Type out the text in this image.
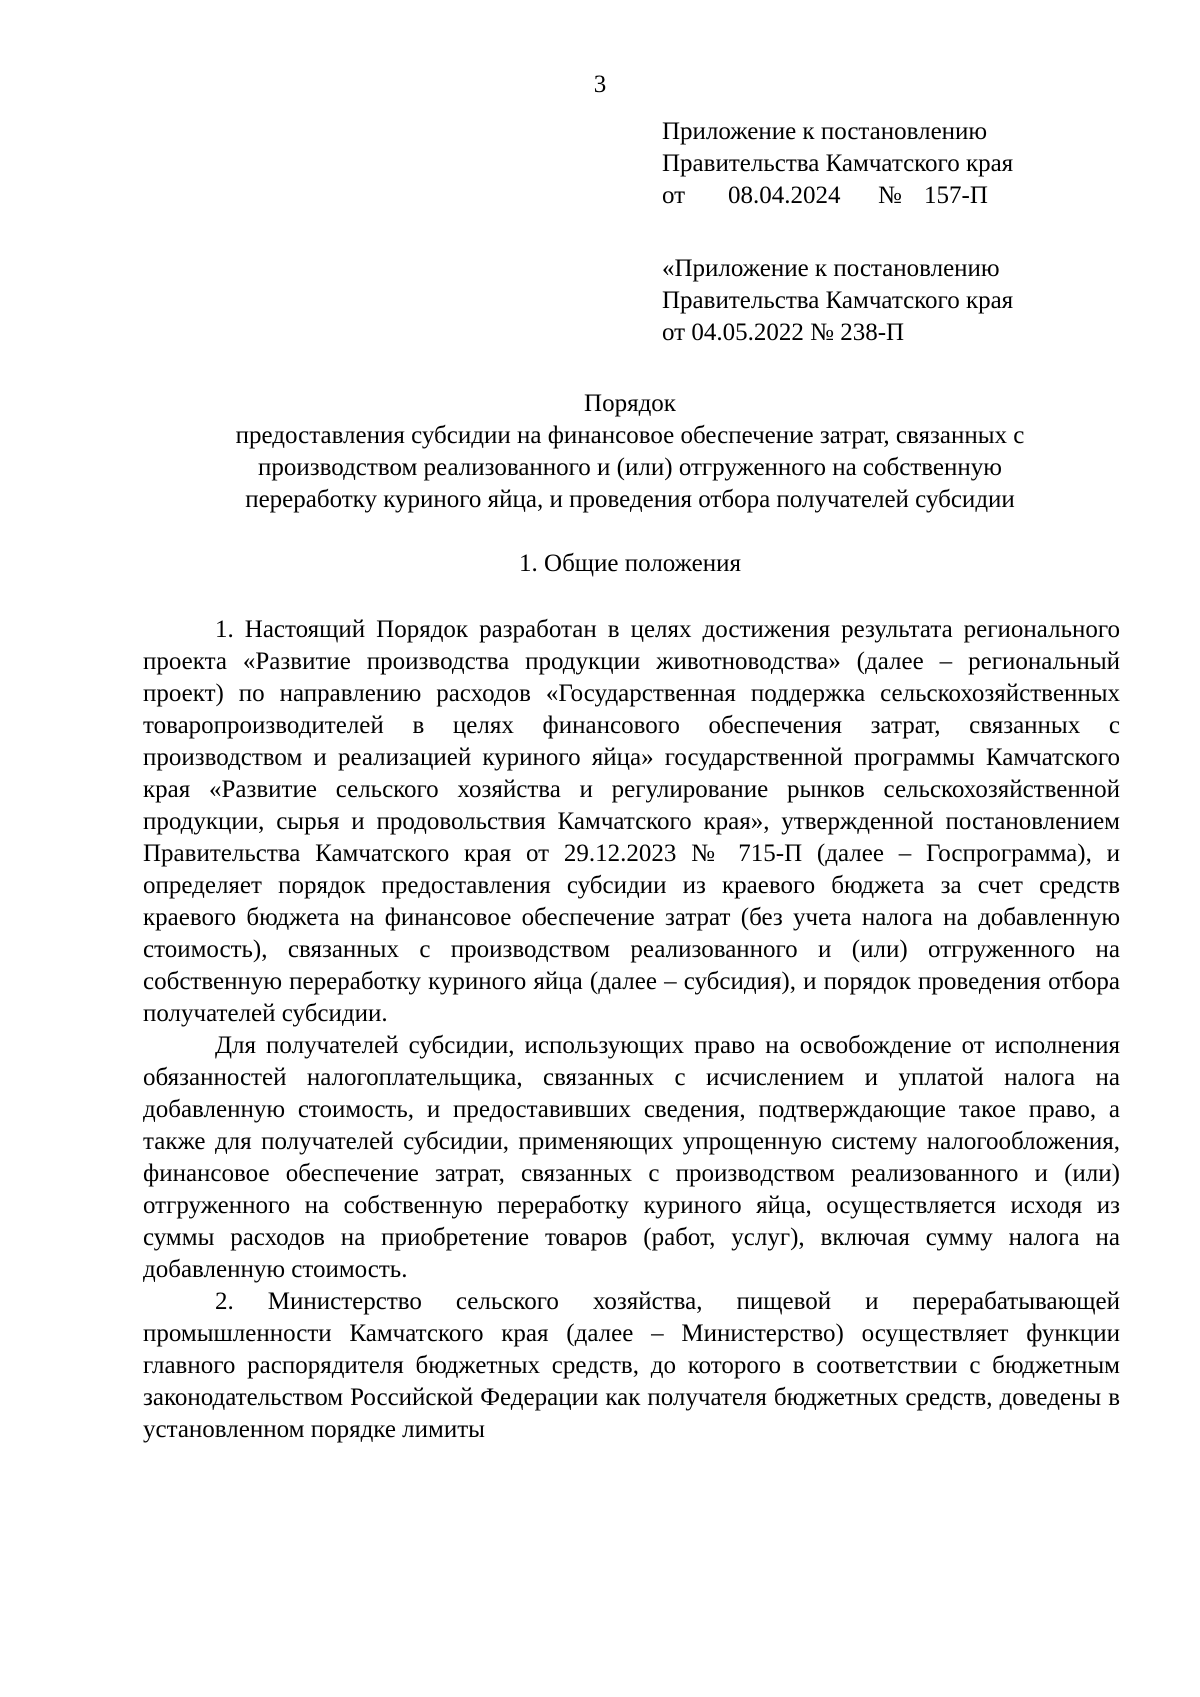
3
Приложение к постановлению
Правительства Камчатского края
от 08.04.2024 № 157-П
«Приложение к постановлению
Правительства Камчатского края
от 04.05.2022 № 238-П
Порядок
предоставления субсидии на финансовое обеспечение затрат, связанных с
производством реализованного и (или) отгруженного на собственную
переработку куриного яйца, и проведения отбора получателей субсидии
1. Общие положения

1. Настоящий Порядок разработан в целях достижения результата регионального проекта «Развитие производства продукции животноводства» (далее – региональный проект) по направлению расходов «Государственная поддержка сельскохозяйственных товаропроизводителей в целях финансового обеспечения затрат, связанных с производством и реализацией куриного яйца» государственной программы Камчатского края «Развитие сельского хозяйства и регулирование рынков сельскохозяйственной продукции, сырья и продовольствия Камчатского края», утвержденной постановлением Правительства Камчатского края от 29.12.2023 № 715-П (далее – Госпрограмма), и определяет порядок предоставления субсидии из краевого бюджета за счет средств краевого бюджета на финансовое обеспечение затрат (без учета налога на добавленную стоимость), связанных с производством реализованного и (или) отгруженного на собственную переработку куриного яйца (далее – субсидия), и порядок проведения отбора получателей субсидии.

Для получателей субсидии, использующих право на освобождение от исполнения обязанностей налогоплательщика, связанных с исчислением и уплатой налога на добавленную стоимость, и предоставивших сведения, подтверждающие такое право, а также для получателей субсидии, применяющих упрощенную систему налогообложения, финансовое обеспечение затрат, связанных с производством реализованного и (или) отгруженного на собственную переработку куриного яйца, осуществляется исходя из суммы расходов на приобретение товаров (работ, услуг), включая сумму налога на добавленную стоимость.

2. Министерство сельского хозяйства, пищевой и перерабатывающей промышленности Камчатского края (далее – Министерство) осуществляет функции главного распорядителя бюджетных средств, до которого в соответствии с бюджетным законодательством Российской Федерации как получателя бюджетных средств, доведены в установленном порядке лимиты
